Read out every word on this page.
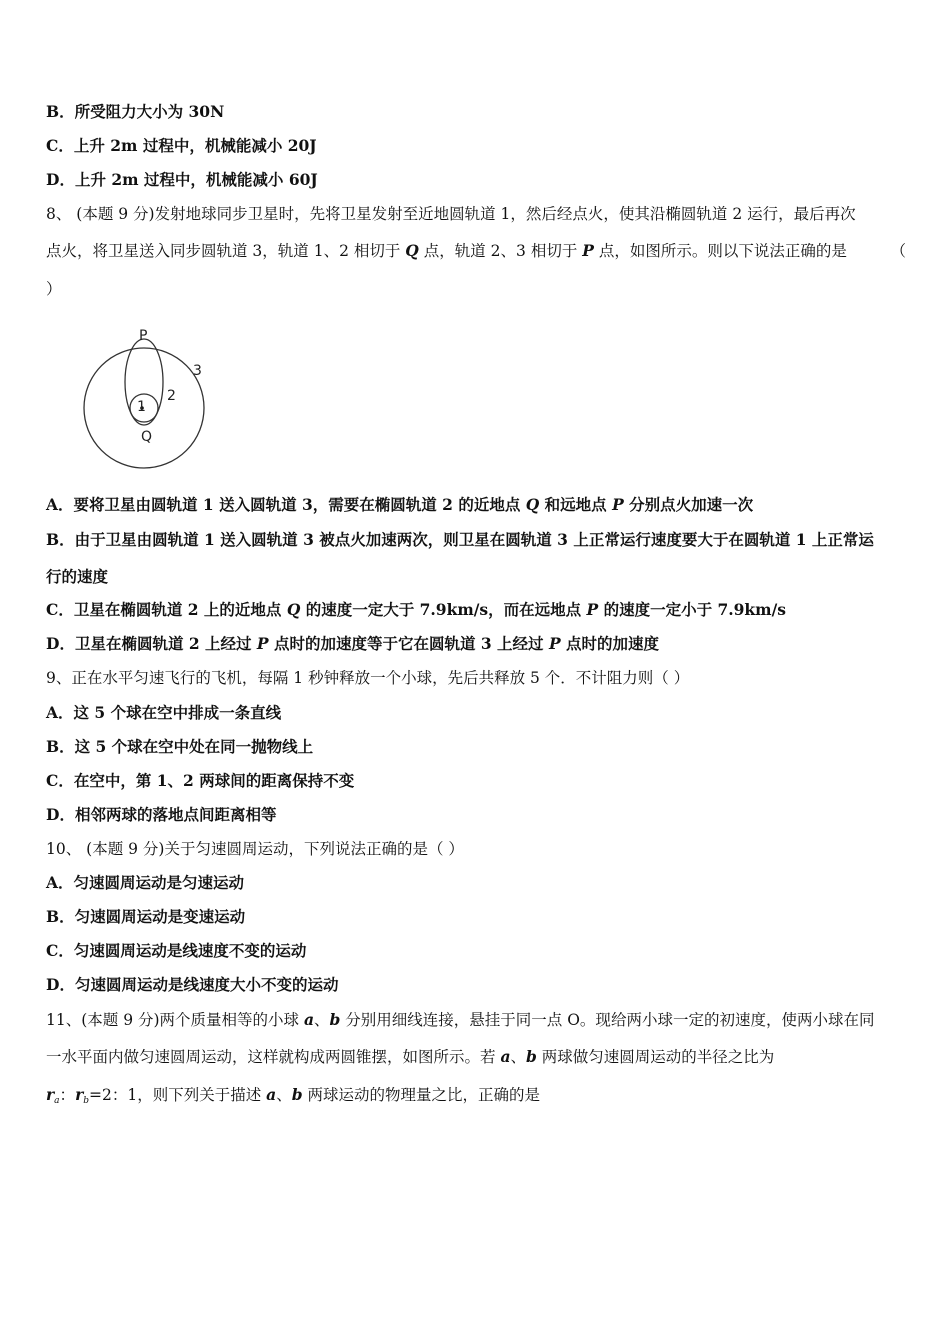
B．所受阻力大小为 30N
C．上升 2m 过程中，机械能减小 20J
D．上升 2m 过程中，机械能减小 60J
8、 (本题 9 分)发射地球同步卫星时，先将卫星发射至近地圆轨道 1，然后经点火，使其沿椭圆轨道 2 运行，最后再次
点火，将卫星送入同步圆轨道 3，轨道 1、2 相切于 Q 点，轨道 2、3 相切于 P 点，如图所示。则以下说法正确的是	（
）
P
Q
1
2
3
A．要将卫星由圆轨道 1 送入圆轨道 3，需要在椭圆轨道 2 的近地点 Q 和远地点 P 分别点火加速一次
B．由于卫星由圆轨道 1 送入圆轨道 3 被点火加速两次，则卫星在圆轨道 3 上正常运行速度要大于在圆轨道 1 上正常运
行的速度
C．卫星在椭圆轨道 2 上的近地点 Q 的速度一定大于 7.9km/s，而在远地点 P 的速度一定小于 7.9km/s
D．卫星在椭圆轨道 2 上经过 P 点时的加速度等于它在圆轨道 3 上经过 P 点时的加速度
9、正在水平匀速飞行的飞机，每隔 1 秒钟释放一个小球，先后共释放 5 个．不计阻力则（ ）
A．这 5 个球在空中排成一条直线
B．这 5 个球在空中处在同一抛物线上
C．在空中，第 1、2 两球间的距离保持不变
D．相邻两球的落地点间距离相等
10、 (本题 9 分)关于匀速圆周运动，下列说法正确的是（ ）
A．匀速圆周运动是匀速运动
B．匀速圆周运动是变速运动
C．匀速圆周运动是线速度不变的运动
D．匀速圆周运动是线速度大小不变的运动
11、(本题 9 分)两个质量相等的小球 a、b 分别用细线连接，悬挂于同一点 O。现给两小球一定的初速度，使两小球在同
一水平面内做匀速圆周运动，这样就构成两圆锥摆，如图所示。若 a、b 两球做匀速圆周运动的半径之比为
$r_a$：$r_b=2$：1，则下列关于描述 a、b 两球运动的物理量之比，正确的是
